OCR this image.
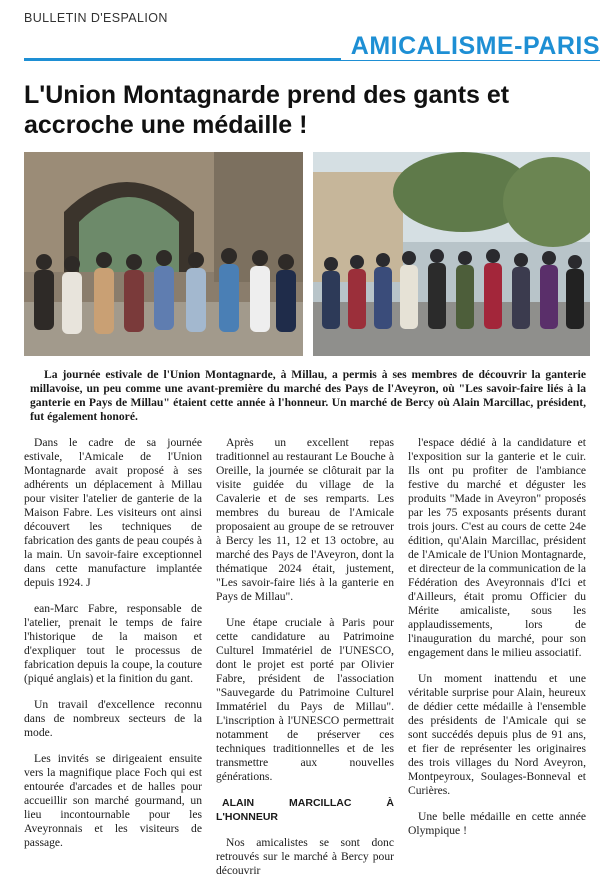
BULLETIN D'ESPALION
AMICALISME-PARIS
L'Union Montagnarde prend des gants et accroche une médaille !
La journée estivale de l'Union Montagnarde, à Millau, a permis à ses membres de découvrir la ganterie millavoise, un peu comme une avant-première du marché des Pays de l'Aveyron, où "Les savoir-faire liés à la ganterie en Pays de Millau" étaient cette année à l'honneur. Un marché de Bercy où Alain Marcillac, président, fut également honoré.

Dans le cadre de sa journée estivale, l'Amicale de l'Union Montagnarde avait proposé à ses adhérents un déplacement à Millau pour visiter l'atelier de ganterie de la Maison Fabre. Les visiteurs ont ainsi découvert les techniques de fabrication des gants de peau coupés à la main. Un savoir-faire exceptionnel dans cette manufacture implantée depuis 1924. J

ean-Marc Fabre, responsable de l'atelier, prenait le temps de faire l'historique de la maison et d'expliquer tout le processus de fabrication depuis la coupe, la couture (piqué anglais) et la finition du gant.

Un travail d'excellence reconnu dans de nombreux secteurs de la mode.

Les invités se dirigeaient ensuite vers la magnifique place Foch qui est entourée d'arcades et de halles pour accueillir son marché gourmand, un lieu incontournable pour les Aveyronnais et les visiteurs de passage.

Après un excellent repas traditionnel au restaurant Le Bouche à Oreille, la journée se clôturait par la visite guidée du village de la Cavalerie et de ses remparts. Les membres du bureau de l'Amicale proposaient au groupe de se retrouver à Bercy les 11, 12 et 13 octobre, au marché des Pays de l'Aveyron, dont la thématique 2024 était, justement, "Les savoir-faire liés à la ganterie en Pays de Millau".

Une étape cruciale à Paris pour cette candidature au Patrimoine Culturel Immatériel de l'UNESCO, dont le projet est porté par Olivier Fabre, président de l'association "Sauvegarde du Patrimoine Culturel Immatériel du Pays de Millau". L'inscription à l'UNESCO permettrait notamment de préserver ces techniques traditionnelles et de les transmettre aux nouvelles générations.

ALAIN MARCILLAC À L'HONNEUR

Nos amicalistes se sont donc retrouvés sur le marché à Bercy pour découvrir

l'espace dédié à la candidature et l'exposition sur la ganterie et le cuir. Ils ont pu profiter de l'ambiance festive du marché et déguster les produits "Made in Aveyron" proposés par les 75 exposants présents durant trois jours. C'est au cours de cette 24e édition, qu'Alain Marcillac, président de l'Amicale de l'Union Montagnarde, et directeur de la communication de la Fédération des Aveyronnais d'Ici et d'Ailleurs, était promu Officier du Mérite amicaliste, sous les applaudissements, lors de l'inauguration du marché, pour son engagement dans le milieu associatif.

Un moment inattendu et une véritable surprise pour Alain, heureux de dédier cette médaille à l'ensemble des présidents de l'Amicale qui se sont succédés depuis plus de 91 ans, et fier de représenter les originaires des trois villages du Nord Aveyron, Montpeyroux, Soulages-Bonneval et Curières.

Une belle médaille en cette année Olympique !
